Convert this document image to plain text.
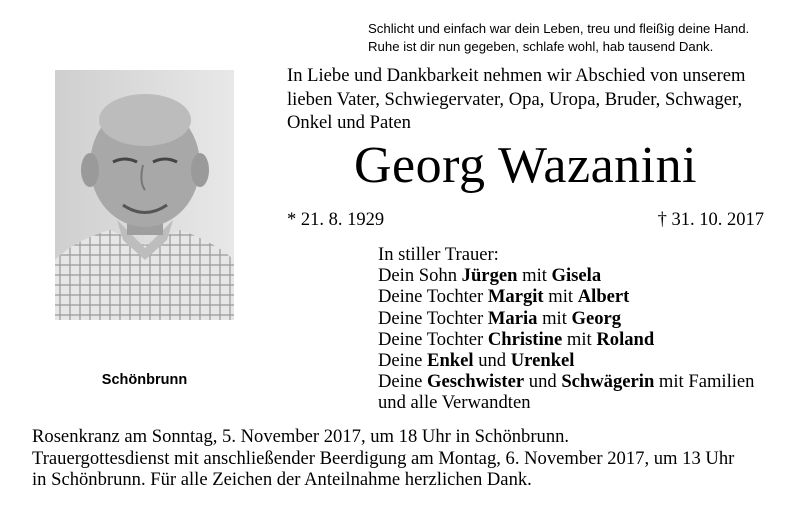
Schlicht und einfach war dein Leben, treu und fleißig deine Hand.
Ruhe ist dir nun gegeben, schlafe wohl, hab tausend Dank.
Schönbrunn
In Liebe und Dankbarkeit nehmen wir Abschied von unserem
lieben Vater, Schwiegervater, Opa, Uropa, Bruder, Schwager,
Onkel und Paten
Georg Wazanini
* 21. 8. 1929	† 31. 10. 2017
In stiller Trauer:
Dein Sohn Jürgen mit Gisela
Deine Tochter Margit mit Albert
Deine Tochter Maria mit Georg
Deine Tochter Christine mit Roland
Deine Enkel und Urenkel
Deine Geschwister und Schwägerin mit Familien
und alle Verwandten
Rosenkranz am Sonntag, 5. November 2017, um 18 Uhr in Schönbrunn.
Trauergottesdienst mit anschließender Beerdigung am Montag, 6. November 2017, um 13 Uhr
in Schönbrunn. Für alle Zeichen der Anteilnahme herzlichen Dank.
